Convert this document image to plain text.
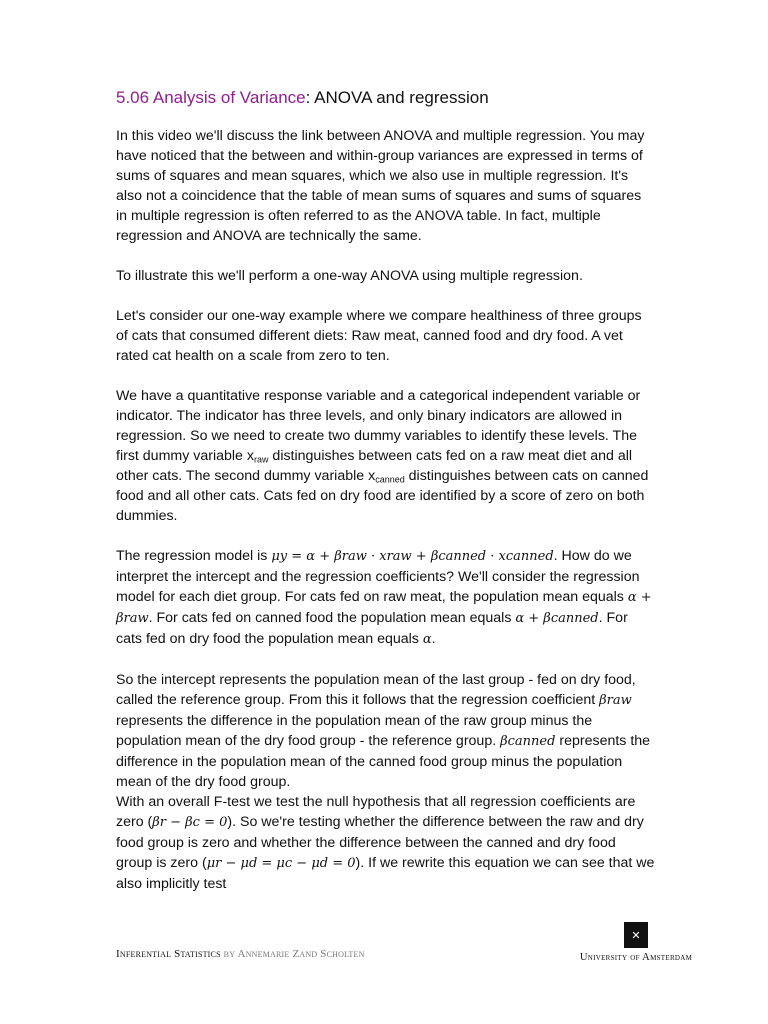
5.06 Analysis of Variance: ANOVA and regression

In this video we'll discuss the link between ANOVA and multiple regression. You may have noticed that the between and within-group variances are expressed in terms of sums of squares and mean squares, which we also use in multiple regression. It's also not a coincidence that the table of mean sums of squares and sums of squares in multiple regression is often referred to as the ANOVA table. In fact, multiple regression and ANOVA are technically the same.

To illustrate this we'll perform a one-way ANOVA using multiple regression.

Let's consider our one-way example where we compare healthiness of three groups of cats that consumed different diets: Raw meat, canned food and dry food. A vet rated cat health on a scale from zero to ten.

We have a quantitative response variable and a categorical independent variable or indicator. The indicator has three levels, and only binary indicators are allowed in regression. So we need to create two dummy variables to identify these levels. The first dummy variable $x_{raw}$ distinguishes between cats fed on a raw meat diet and all other cats. The second dummy variable $x_{canned}$ distinguishes between cats on canned food and all other cats. Cats fed on dry food are identified by a score of zero on both dummies.

The regression model is μy = α + βraw · xraw + βcanned · xcanned. How do we interpret the intercept and the regression coefficients? We'll consider the regression model for each diet group. For cats fed on raw meat, the population mean equals α + βraw. For cats fed on canned food the population mean equals α + βcanned. For cats fed on dry food the population mean equals α.

So the intercept represents the population mean of the last group - fed on dry food, called the reference group. From this it follows that the regression coefficient βraw represents the difference in the population mean of the raw group minus the population mean of the dry food group - the reference group. βcanned represents the difference in the population mean of the canned food group minus the population mean of the dry food group.

With an overall F-test we test the null hypothesis that all regression coefficients are zero (βr − βc = 0). So we're testing whether the difference between the raw and dry food group is zero and whether the difference between the canned and dry food group is zero (μr − μd = μc − μd = 0). If we rewrite this equation we can see that we also implicitly test

Inferential Statistics by Annemarie Zand Scholten
✕
University of Amsterdam
